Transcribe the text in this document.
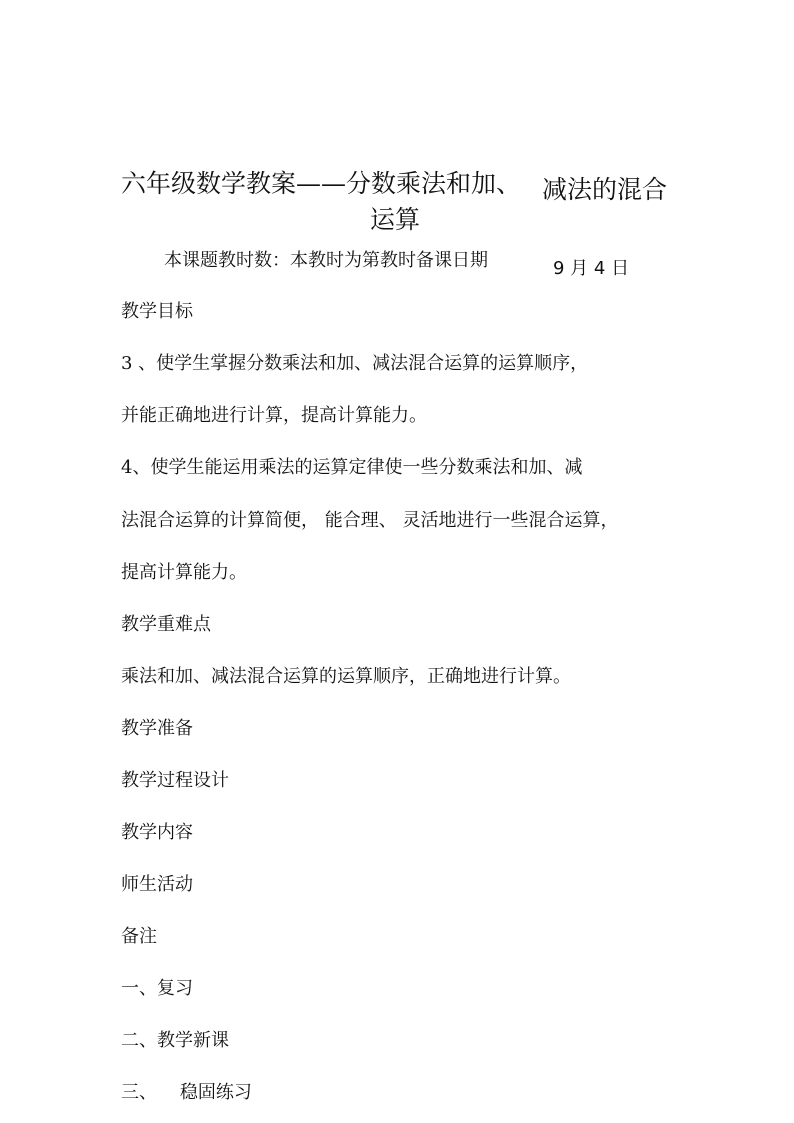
六年级数学教案——分数乘法和加、 减法的混合
运算
本课题教时数：本教时为第教时备课日期	9 月 4 日
教学目标
3 、使学生掌握分数乘法和加、减法混合运算的运算顺序，
并能正确地进行计算，提高计算能力。
4、使学生能运用乘法的运算定律使一些分数乘法和加、减
法混合运算的计算简便， 能合理、 灵活地进行一些混合运算，
提高计算能力。
教学重难点
乘法和加、减法混合运算的运算顺序，正确地进行计算。
教学准备
教学过程设计
教学内容
师生活动
备注
一、复习
二、教学新课
三、    稳固练习
